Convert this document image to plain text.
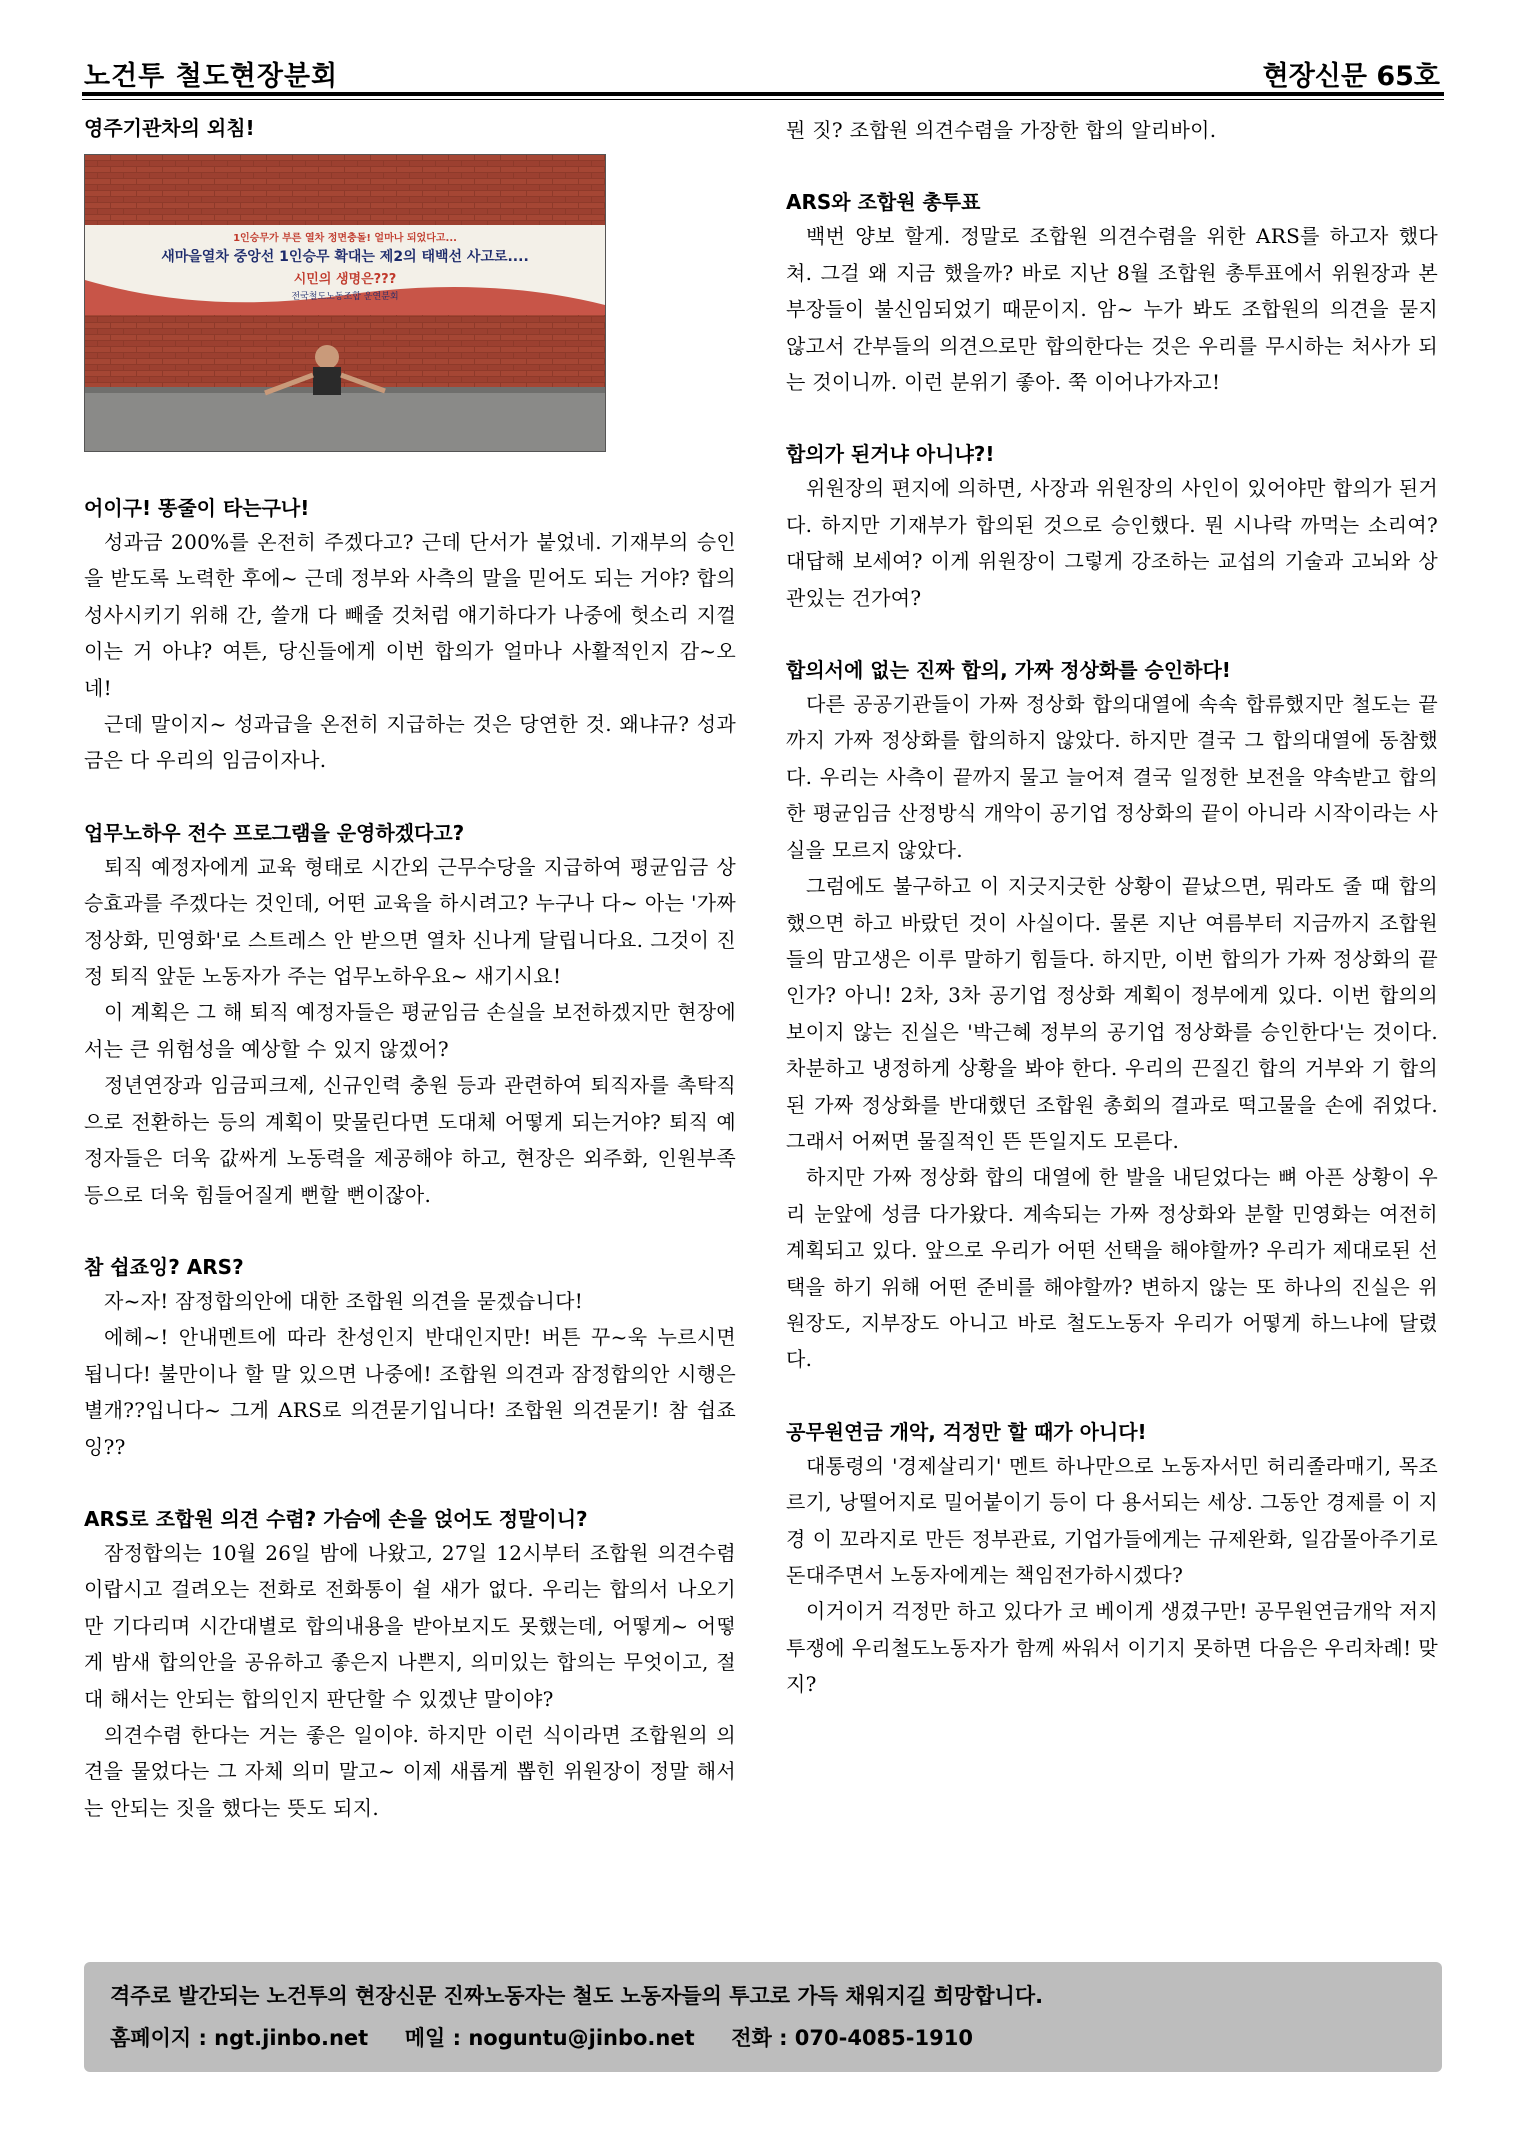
노건투 철도현장분회	현장신문 65호
영주기관차의 외침!
1인승무가 부른 열차 정면충돌! 얼마나 되었다고...
새마을열차 중앙선 1인승무 확대는 제2의 태백선 사고로....
시민의 생명은???
전국철도노동조합 운연분회
어이구! 똥줄이 타는구나!

성과금 200%를 온전히 주겠다고? 근데 단서가 붙었네. 기재부의 승인을 받도록 노력한 후에~ 근데 정부와 사측의 말을 믿어도 되는 거야? 합의 성사시키기 위해 간, 쓸개 다 빼줄 것처럼 얘기하다가 나중에 헛소리 지껄이는 거 아냐? 여튼, 당신들에게 이번 합의가 얼마나 사활적인지 감~오네!

근데 말이지~ 성과급을 온전히 지급하는 것은 당연한 것. 왜냐규? 성과금은 다 우리의 임금이자나.

업무노하우 전수 프로그램을 운영하겠다고?

퇴직 예정자에게 교육 형태로 시간외 근무수당을 지급하여 평균임금 상승효과를 주겠다는 것인데, 어떤 교육을 하시려고? 누구나 다~ 아는 '가짜정상화, 민영화'로 스트레스 안 받으면 열차 신나게 달립니다요. 그것이 진정 퇴직 앞둔 노동자가 주는 업무노하우요~ 새기시요!

이 계획은 그 해 퇴직 예정자들은 평균임금 손실을 보전하겠지만 현장에서는 큰 위험성을 예상할 수 있지 않겠어?

정년연장과 임금피크제, 신규인력 충원 등과 관련하여 퇴직자를 촉탁직으로 전환하는 등의 계획이 맞물린다면 도대체 어떻게 되는거야? 퇴직 예정자들은 더욱 값싸게 노동력을 제공해야 하고, 현장은 외주화, 인원부족 등으로 더욱 힘들어질게 뻔할 뻔이잖아.

참 쉽죠잉? ARS?

자~자! 잠정합의안에 대한 조합원 의견을 묻겠습니다!

에헤~! 안내멘트에 따라 찬성인지 반대인지만! 버튼 꾸~욱 누르시면 됩니다! 불만이나 할 말 있으면 나중에! 조합원 의견과 잠정합의안 시행은 별개??입니다~ 그게 ARS로 의견묻기입니다! 조합원 의견묻기! 참 쉽죠잉??

ARS로 조합원 의견 수렴? 가슴에 손을 얹어도 정말이니?

잠정합의는 10월 26일 밤에 나왔고, 27일 12시부터 조합원 의견수렴이랍시고 걸려오는 전화로 전화통이 쉴 새가 없다. 우리는 합의서 나오기만 기다리며 시간대별로 합의내용을 받아보지도 못했는데, 어떻게~ 어떻게 밤새 합의안을 공유하고 좋은지 나쁜지, 의미있는 합의는 무엇이고, 절대 해서는 안되는 합의인지 판단할 수 있겠냔 말이야?

의견수렴 한다는 거는 좋은 일이야. 하지만 이런 식이라면 조합원의 의견을 물었다는 그 자체 의미 말고~ 이제 새롭게 뽑힌 위원장이 정말 해서는 안되는 짓을 했다는 뜻도 되지.

뭔 짓? 조합원 의견수렴을 가장한 합의 알리바이.

ARS와 조합원 총투표

백번 양보 할게. 정말로 조합원 의견수렴을 위한 ARS를 하고자 했다 쳐. 그걸 왜 지금 했을까? 바로 지난 8월 조합원 총투표에서 위원장과 본부장들이 불신임되었기 때문이지. 암~ 누가 봐도 조합원의 의견을 묻지 않고서 간부들의 의견으로만 합의한다는 것은 우리를 무시하는 처사가 되는 것이니까. 이런 분위기 좋아. 쭉 이어나가자고!

합의가 된거냐 아니냐?!

위원장의 편지에 의하면, 사장과 위원장의 사인이 있어야만 합의가 된거다. 하지만 기재부가 합의된 것으로 승인했다. 뭔 시나락 까먹는 소리여? 대답해 보세여? 이게 위원장이 그렇게 강조하는 교섭의 기술과 고뇌와 상관있는 건가여?

합의서에 없는 진짜 합의, 가짜 정상화를 승인하다!

다른 공공기관들이 가짜 정상화 합의대열에 속속 합류했지만 철도는 끝까지 가짜 정상화를 합의하지 않았다. 하지만 결국 그 합의대열에 동참했다. 우리는 사측이 끝까지 물고 늘어져 결국 일정한 보전을 약속받고 합의한 평균임금 산정방식 개악이 공기업 정상화의 끝이 아니라 시작이라는 사실을 모르지 않았다.

그럼에도 불구하고 이 지긋지긋한 상황이 끝났으면, 뭐라도 줄 때 합의했으면 하고 바랐던 것이 사실이다. 물론 지난 여름부터 지금까지 조합원들의 맘고생은 이루 말하기 힘들다. 하지만, 이번 합의가 가짜 정상화의 끝인가? 아니! 2차, 3차 공기업 정상화 계획이 정부에게 있다. 이번 합의의 보이지 않는 진실은 '박근혜 정부의 공기업 정상화를 승인한다'는 것이다. 차분하고 냉정하게 상황을 봐야 한다. 우리의 끈질긴 합의 거부와 기 합의된 가짜 정상화를 반대했던 조합원 총회의 결과로 떡고물을 손에 쥐었다. 그래서 어쩌면 물질적인 뜬 뜬일지도 모른다.

하지만 가짜 정상화 합의 대열에 한 발을 내딛었다는 뼈 아픈 상황이 우리 눈앞에 성큼 다가왔다. 계속되는 가짜 정상화와 분할 민영화는 여전히 계획되고 있다. 앞으로 우리가 어떤 선택을 해야할까? 우리가 제대로된 선택을 하기 위해 어떤 준비를 해야할까? 변하지 않는 또 하나의 진실은 위원장도, 지부장도 아니고 바로 철도노동자 우리가 어떻게 하느냐에 달렸다.

공무원연금 개악, 걱정만 할 때가 아니다!

대통령의 '경제살리기' 멘트 하나만으로 노동자서민 허리졸라매기, 목조르기, 낭떨어지로 밀어붙이기 등이 다 용서되는 세상. 그동안 경제를 이 지경 이 꼬라지로 만든 정부관료, 기업가들에게는 규제완화, 일감몰아주기로 돈대주면서 노동자에게는 책임전가하시겠다?

이거이거 걱정만 하고 있다가 코 베이게 생겼구만! 공무원연금개악 저지투쟁에 우리철도노동자가 함께 싸워서 이기지 못하면 다음은 우리차례! 맞지?

격주로 발간되는 노건투의 현장신문 진짜노동자는 철도 노동자들의 투고로 가득 채워지길 희망합니다.
홈페이지 : ngt.jinbo.net     메일 : noguntu@jinbo.net     전화 : 070-4085-1910
